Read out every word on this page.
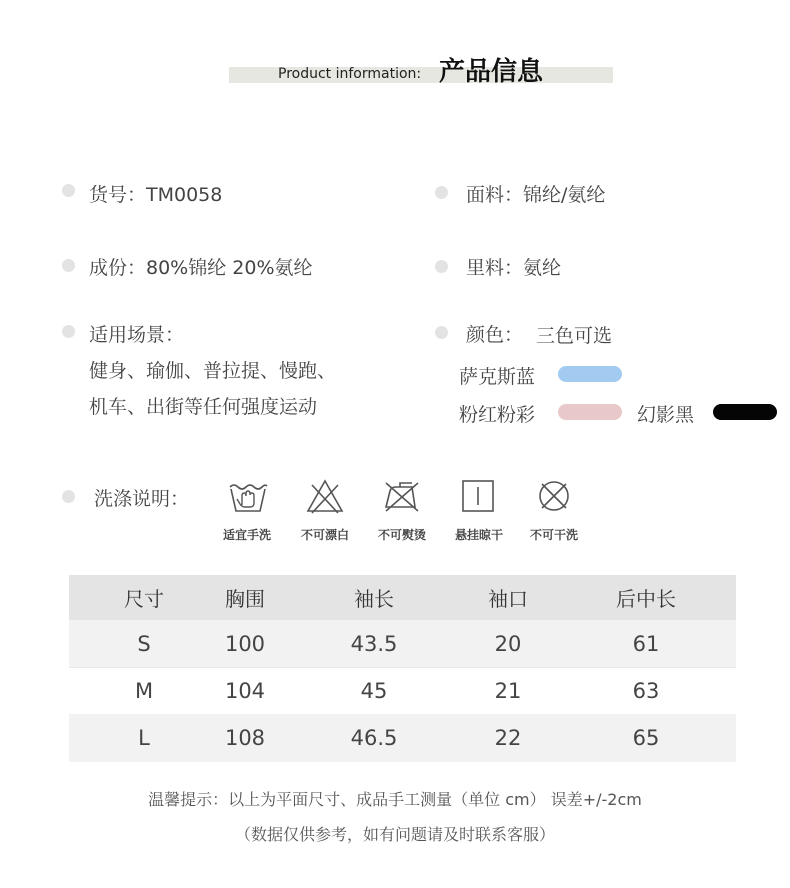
Product information: 产品信息
货号：TM0058
成份：80%锦纶 20%氨纶
适用场景：
健身、瑜伽、普拉提、慢跑、
机车、出街等任何强度运动
面料：锦纶/氨纶
里料：氨纶
颜色： 三色可选
萨克斯蓝
粉红粉彩	幻影黑
洗涤说明：
适宜手洗	不可漂白	不可熨烫	悬挂晾干	不可干洗
尺寸	胸围	袖长	袖口	后中长
S	100	43.5	20	61
M	104	45	21	63
L	108	46.5	22	65
温馨提示：以上为平面尺寸、成品手工测量（单位 cm） 误差+/-2cm
（数据仅供参考，如有问题请及时联系客服）
